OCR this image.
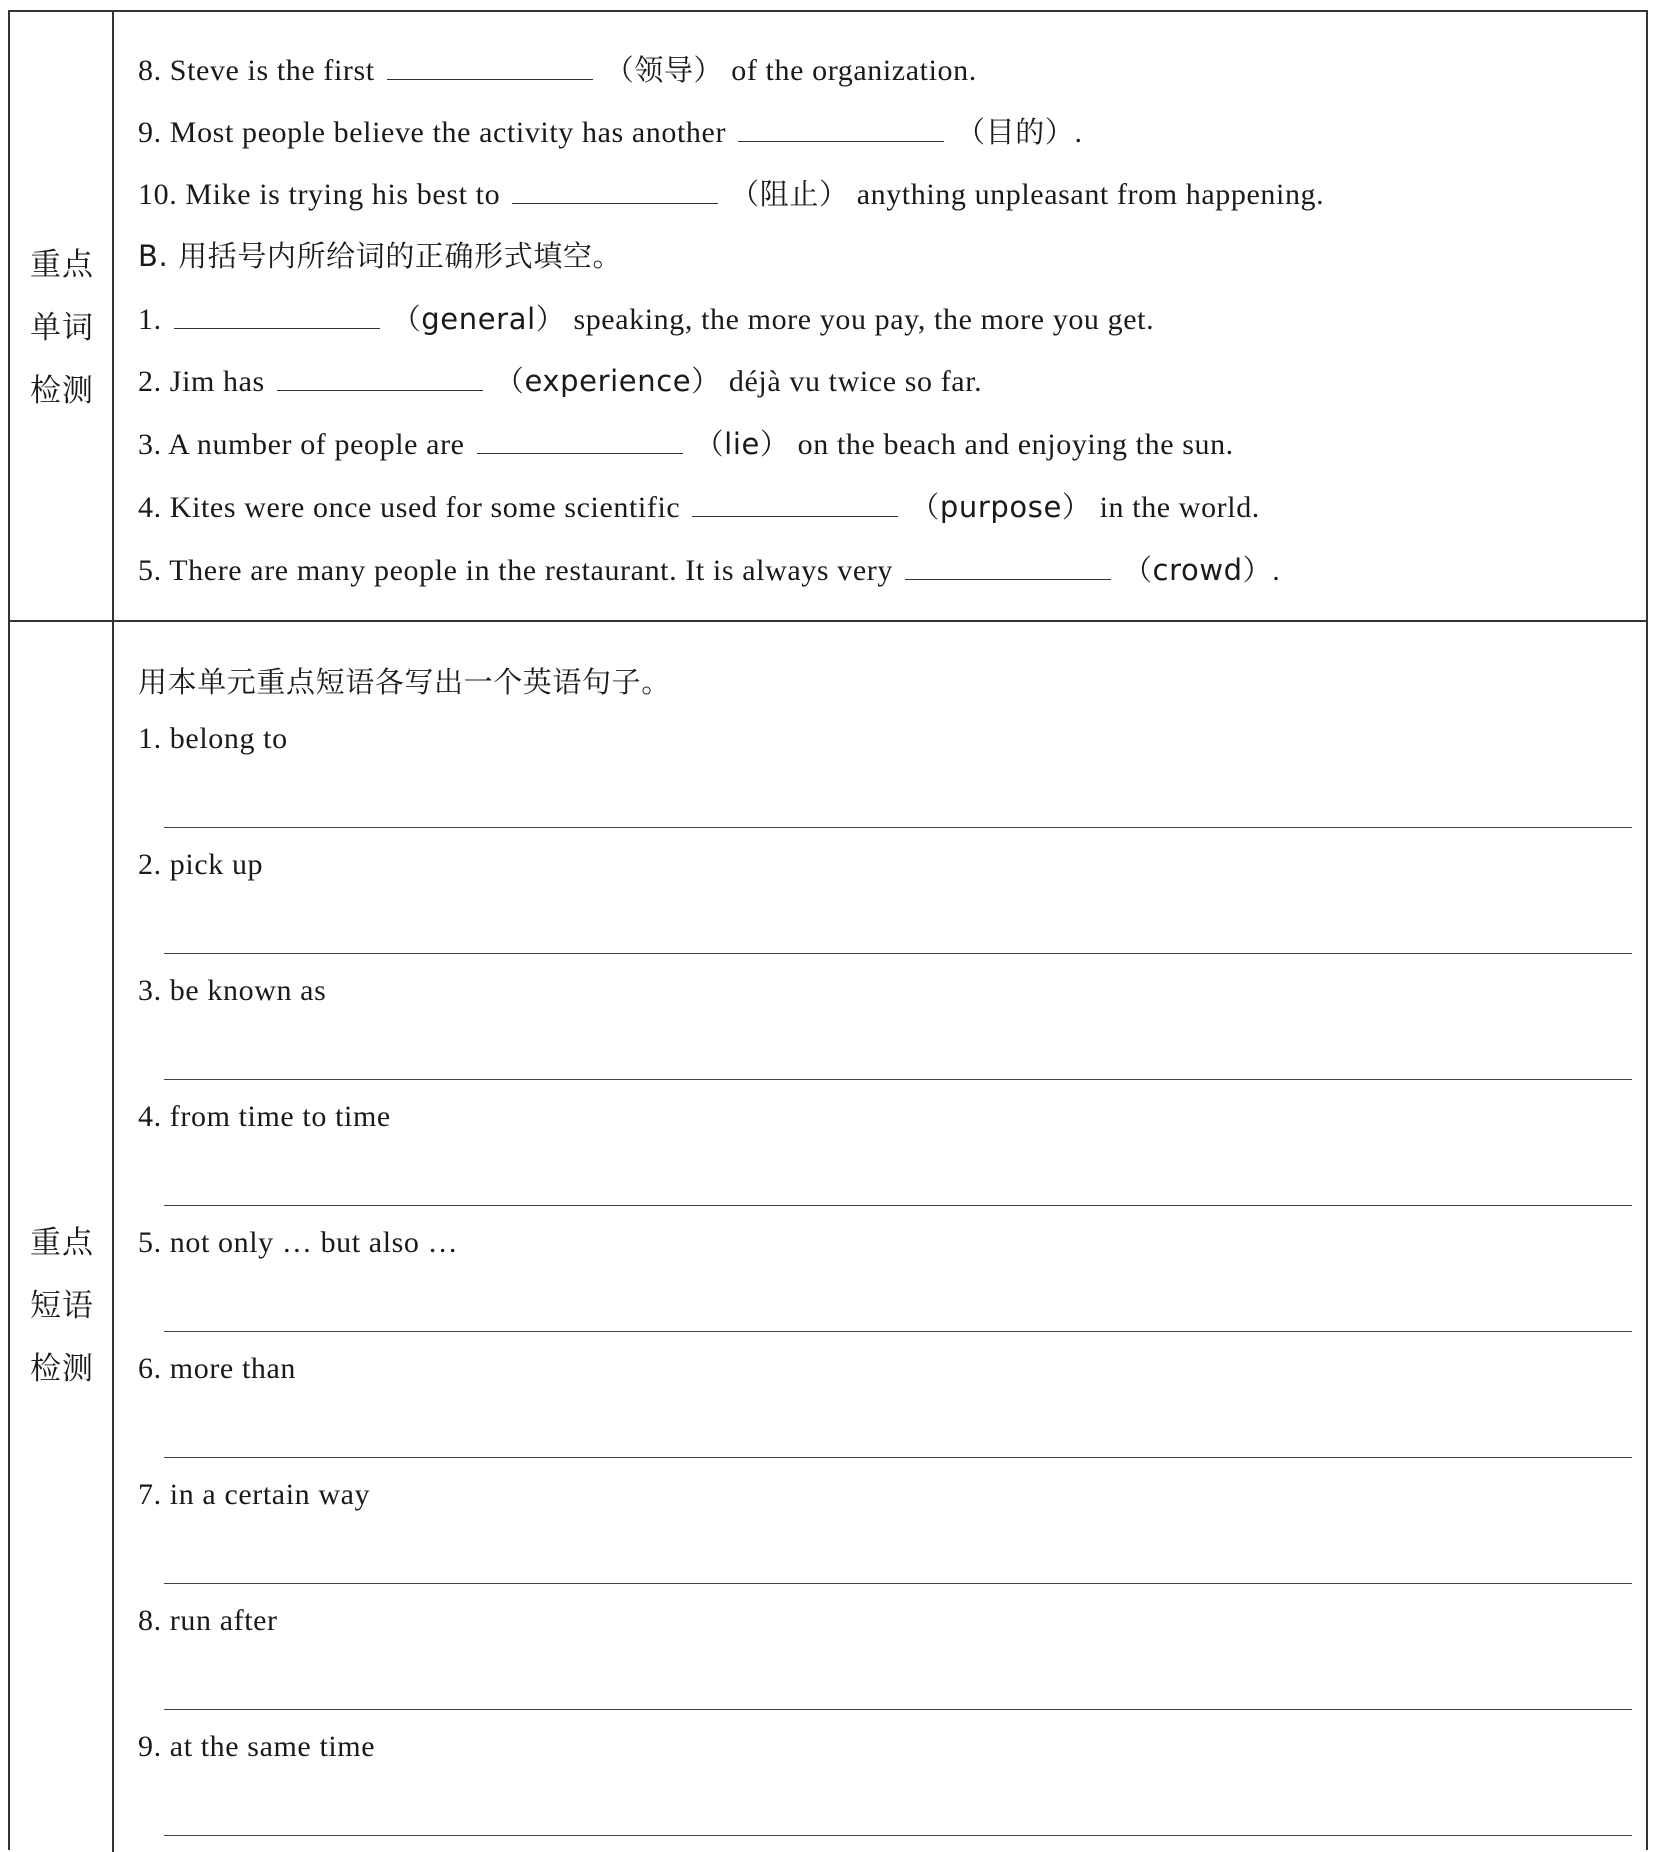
重点
单词
检测
8. Steve is the first	（领导） of the organization.
9. Most people believe the activity has another	（目的）.
10. Mike is trying his best to	（阻止） anything unpleasant from happening.
B. 用括号内所给词的正确形式填空。
1.	（general） speaking, the more you pay, the more you get.
2. Jim has	（experience） déjà vu twice so far.
3. A number of people are	（lie） on the beach and enjoying the sun.
4. Kites were once used for some scientific	（purpose） in the world.
5. There are many people in the restaurant. It is always very	（crowd）.
重点
短语
检测
用本单元重点短语各写出一个英语句子。
1. belong to
2. pick up
3. be known as
4. from time to time
5. not only … but also …
6. more than
7. in a certain way
8. run after
9. at the same time
